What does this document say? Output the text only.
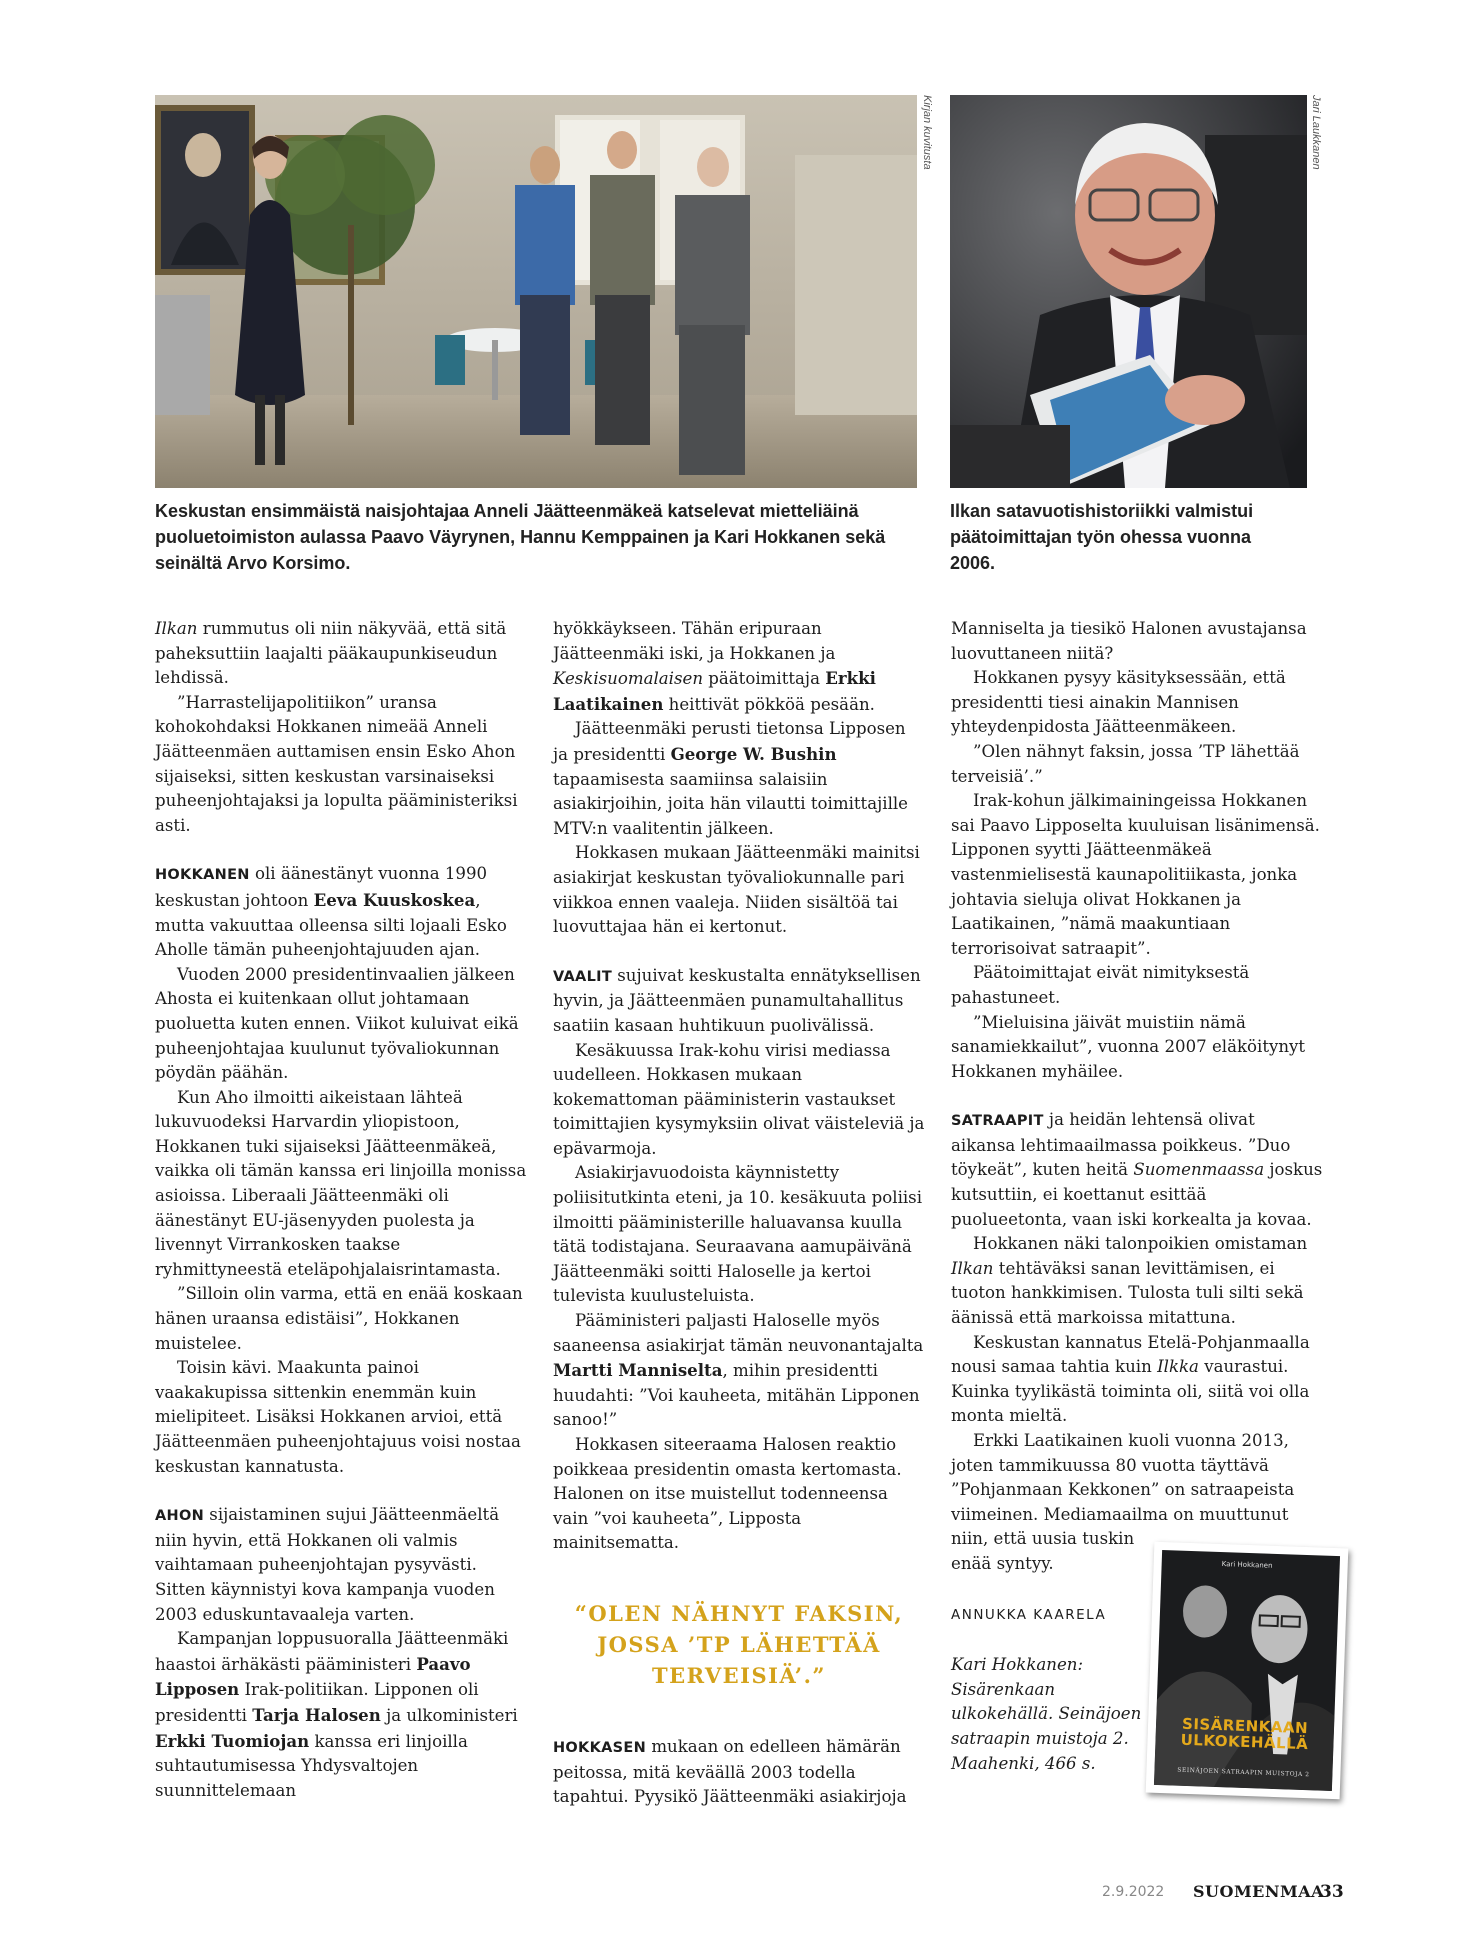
Kirjan kuvitusta	Jari Laukkanen
Keskustan ensimmäistä naisjohtajaa Anneli Jäätteenmäkeä katselevat mietteliäinä puoluetoimiston aulassa Paavo Väyrynen, Hannu Kemppainen ja Kari Hokkanen sekä seinältä Arvo Korsimo.
Ilkan satavuotishistoriikki valmistui päätoimittajan työn ohessa vuonna 2006.

Ilkan rummutus oli niin näkyvää, että sitä paheksuttiin laajalti pääkaupunkiseudun lehdissä.

”Harrastelijapolitiikon” uransa kohokohdaksi Hokkanen nimeää Anneli Jäätteenmäen auttamisen ensin Esko Ahon sijaiseksi, sitten keskustan varsinaiseksi puheenjohtajaksi ja lopulta pääministeriksi asti.

HOKKANEN oli äänestänyt vuonna 1990 keskustan johtoon Eeva Kuuskoskea, mutta vakuuttaa olleensa silti lojaali Esko Aholle tämän puheenjohtajuuden ajan.

Vuoden 2000 presidentinvaalien jälkeen Ahosta ei kuitenkaan ollut johtamaan puoluetta kuten ennen. Viikot kuluivat eikä puheenjohtajaa kuulunut työvaliokunnan pöydän päähän.

Kun Aho ilmoitti aikeistaan lähteä lukuvuodeksi Harvardin yliopistoon, Hokkanen tuki sijaiseksi Jäätteenmäkeä, vaikka oli tämän kanssa eri linjoilla monissa asioissa. Liberaali Jäätteenmäki oli äänestänyt EU-jäsenyyden puolesta ja livennyt Virrankosken taakse ryhmittyneestä eteläpohjalaisrintamasta.

”Silloin olin varma, että en enää koskaan hänen uraansa edistäisi”, Hokkanen muistelee.

Toisin kävi. Maakunta painoi vaakakupissa sittenkin enemmän kuin mielipiteet. Lisäksi Hokkanen arvioi, että Jäätteenmäen puheenjohtajuus voisi nostaa keskustan kannatusta.

AHON sijaistaminen sujui Jäätteenmäeltä niin hyvin, että Hokkanen oli valmis vaihtamaan puheenjohtajan pysyvästi. Sitten käynnistyi kova kampanja vuoden 2003 eduskuntavaaleja varten.

Kampanjan loppusuoralla Jäätteenmäki haastoi ärhäkästi pääministeri Paavo Lipposen Irak-politiikan. Lipponen oli presidentti Tarja Halosen ja ulkoministeri Erkki Tuomiojan kanssa eri linjoilla suhtautumisessa Yhdysvaltojen suunnittelemaan

hyökkäykseen. Tähän eripuraan Jäätteenmäki iski, ja Hokkanen ja Keskisuomalaisen päätoimittaja Erkki Laatikainen heittivät pökköä pesään.

Jäätteenmäki perusti tietonsa Lipposen ja presidentti George W. Bushin tapaamisesta saamiinsa salaisiin asiakirjoihin, joita hän vilautti toimittajille MTV:n vaalitentin jälkeen.

Hokkasen mukaan Jäätteenmäki mainitsi asiakirjat keskustan työvaliokunnalle pari viikkoa ennen vaaleja. Niiden sisältöä tai luovuttajaa hän ei kertonut.

VAALIT sujuivat keskustalta ennätyksellisen hyvin, ja Jäätteenmäen punamultahallitus saatiin kasaan huhtikuun puolivälissä.

Kesäkuussa Irak-kohu virisi mediassa uudelleen. Hokkasen mukaan kokemattoman pääministerin vastaukset toimittajien kysymyksiin olivat väisteleviä ja epävarmoja.

Asiakirjavuodoista käynnistetty poliisitutkinta eteni, ja 10. kesäkuuta poliisi ilmoitti pääministerille haluavansa kuulla tätä todistajana. Seuraavana aamupäivänä Jäätteenmäki soitti Haloselle ja kertoi tulevista kuulusteluista.

Pääministeri paljasti Haloselle myös saaneensa asiakirjat tämän neuvonantajalta Martti Manniselta, mihin presidentti huudahti: ”Voi kauheeta, mitähän Lipponen sanoo!”

Hokkasen siteeraama Halosen reaktio poikkeaa presidentin omasta kertomasta. Halonen on itse muistellut todenneensa vain ”voi kauheeta”, Lipposta mainitsematta.

“OLEN NÄHNYT FAKSIN, JOSSA ’TP LÄHETTÄÄ TERVEISIÄ’.”

HOKKASEN mukaan on edelleen hämärän peitossa, mitä keväällä 2003 todella tapahtui. Pyysikö Jäätteenmäki asiakirjoja

Manniselta ja tiesikö Halonen avustajansa luovuttaneen niitä?

Hokkanen pysyy käsityksessään, että presidentti tiesi ainakin Mannisen yhteydenpidosta Jäätteenmäkeen.

”Olen nähnyt faksin, jossa ’TP lähettää terveisiä’.”

Irak-kohun jälkimainingeissa Hokkanen sai Paavo Lipposelta kuuluisan lisänimensä. Lipponen syytti Jäätteenmäkeä vastenmielisestä kaunapolitiikasta, jonka johtavia sieluja olivat Hokkanen ja Laatikainen, ”nämä maakuntiaan terrorisoivat satraapit”.

Päätoimittajat eivät nimityksestä pahastuneet.

”Mieluisina jäivät muistiin nämä sanamiekkailut”, vuonna 2007 eläköitynyt Hokkanen myhäilee.

SATRAAPIT ja heidän lehtensä olivat aikansa lehtimaailmassa poikkeus. ”Duo töykeät”, kuten heitä Suomenmaassa joskus kutsuttiin, ei koettanut esittää puolueetonta, vaan iski korkealta ja kovaa.

Hokkanen näki talonpoikien omistaman Ilkan tehtäväksi sanan levittämisen, ei tuoton hankkimisen. Tulosta tuli silti sekä äänissä että markoissa mitattuna.

Keskustan kannatus Etelä-Pohjanmaalla nousi samaa tahtia kuin Ilkka vaurastui. Kuinka tyylikästä toiminta oli, siitä voi olla monta mieltä.

Erkki Laatikainen kuoli vuonna 2013, joten tammikuussa 80 vuotta täyttävä ”Pohjanmaan Kekkonen” on satraapeista viimeinen. Mediamaailma on muuttunut
niin, että uusia tuskin
enää syntyy.

ANNUKKA KAARELA
Kari Hokkanen: Sisärenkaan ulkokehällä. Seinäjoen satraapin muistoja 2. Maahenki, 466 s.
Kari Hokkanen
SISÄRENKAAN
ULKOKEHÄLLÄ
SEINÄJOEN SATRAAPIN MUISTOJA 2
2.9.2022 SUOMENMAA
33
